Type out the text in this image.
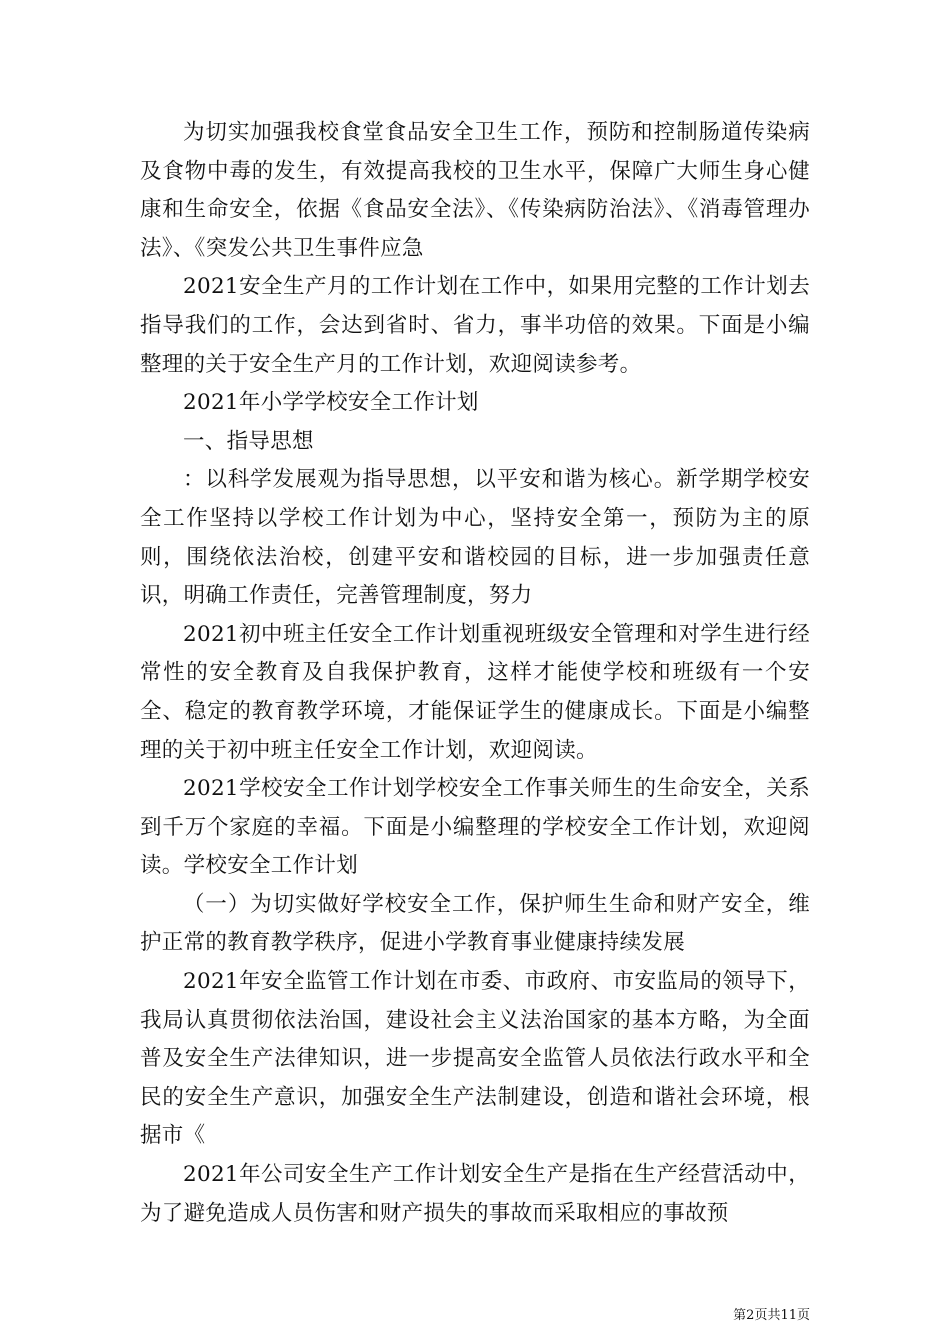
为切实加强我校食堂食品安全卫生工作，预防和控制肠道传染病及食物中毒的发生，有效提高我校的卫生水平，保障广大师生身心健康和生命安全，依据《食品安全法》、《传染病防治法》、《消毒管理办法》、《突发公共卫生事件应急

2021安全生产月的工作计划在工作中，如果用完整的工作计划去指导我们的工作，会达到省时、省力，事半功倍的效果。下面是小编整理的关于安全生产月的工作计划，欢迎阅读参考。

2021年小学学校安全工作计划

一、指导思想

：以科学发展观为指导思想，以平安和谐为核心。新学期学校安全工作坚持以学校工作计划为中心，坚持安全第一，预防为主的原则，围绕依法治校，创建平安和谐校园的目标，进一步加强责任意识，明确工作责任，完善管理制度，努力

2021初中班主任安全工作计划重视班级安全管理和对学生进行经常性的安全教育及自我保护教育，这样才能使学校和班级有一个安全、稳定的教育教学环境，才能保证学生的健康成长。下面是小编整理的关于初中班主任安全工作计划，欢迎阅读。

2021学校安全工作计划学校安全工作事关师生的生命安全，关系到千万个家庭的幸福。下面是小编整理的学校安全工作计划，欢迎阅读。学校安全工作计划

（一）为切实做好学校安全工作，保护师生生命和财产安全，维护正常的教育教学秩序，促进小学教育事业健康持续发展

2021年安全监管工作计划在市委、市政府、市安监局的领导下，我局认真贯彻依法治国，建设社会主义法治国家的基本方略，为全面普及安全生产法律知识，进一步提高安全监管人员依法行政水平和全民的安全生产意识，加强安全生产法制建设，创造和谐社会环境，根据市《

2021年公司安全生产工作计划安全生产是指在生产经营活动中，为了避免造成人员伤害和财产损失的事故而采取相应的事故预

第2页共11页
